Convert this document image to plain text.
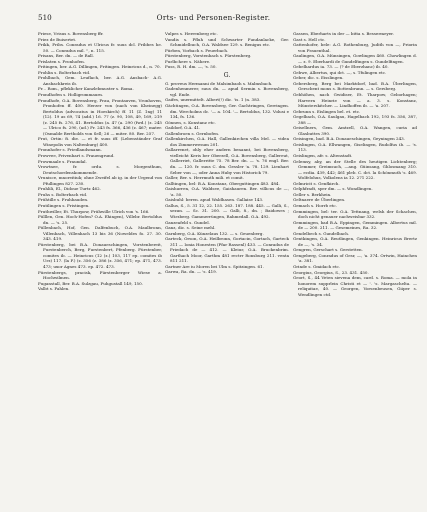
510	Orts- und Personen-Register.

Friese, Vrisus s. Bovensberg ffr.

Friez de Buisertet.

Frikk, Fribs. Conradus et Ulricus fr. suus dcl. Fribbes he. 50. — Conradus mil. '', n. 115.

Frisans, Ber. dn. — de Rall.

Frislaten s. Fronhofen.

Fritingen, ber. A.G. Dillingen, Fritingen. Heinricus d., n. 70.

Frohlin s. Bolterbach vid.

Frohlbach, Gem. Leuflach, ber. A.G. Ansbach- A.G. Ansbachkreis ib.

Fr... Rom., pfleklicher Kanzlebmuster s. Roma.

Frondhofen s. Holligrommaurn.

Frondhofe, O.A. Bovensberg, Frau, Frontauven, Vronhoven, Fronhofen ff. 400. Herzer von (nach von Kheinegg) Bertoldus (advocatus in Hoeskirch) ff. 11 (Z. 1ng) 11 (12). 19 as 69, 74 (add.) 16. 77 (z. 90, 108, 49, 169, 219 (z. 245 fs. 276, 41. Bertoldus (a. 47 (a. 290 (fwd.) (z. 245 — Ulrico fs. 290, (ad.) Fr. 243 fs. 366, 436 (z. 467; mater. (Osmalde Bertholds von Sell; 26 — miter. 80. Ber. 257.

Frut, Ortin: fi. die. — et fr. suus iff. (Lebenständer Graf Winepolis von Naltenburg) 400.

Fronnhofer s. Friedlandsmann.

Frowvee, Frivenbart s. Frauengrund.

Frowmaale s. Fraundal.

Vrowtnee, fr. ordu. s. Morgenthum, Deutschordenskommende.

Vrunisce, mnoreitiuk; ohne Zweifel ab ig. in der Urgend von Pfullingen 827. 230.

Fruhlili, El., Didoue Turtz 462.

Fruhs s. Bolterbach vid.

Frühtille s. Fruhbauden.

Frutilingen s. Fristingen.

Fruthwiller, Et. Thurpow, Frühwille Ulrich von 's. 166.

Fülllen, Gen. Hoch-Hofen? O.A. Ehingen), Villebr. Bertoldus dn. — 's. 25.

Füllenbach, Hof, Gen. Dalfenbuch, O.A. Maulbronn, Villenbach, Villenhach 13 bis 36 (Noweldes fo. 27. 30. 343. 419.

Fürstenberg, bei B.A. Donaueschingen, Vorstenbereit, Furstenberch, Berg, Furstenbert, Pfenberg. Fürstenber, comites ib. — Heinricus (12 (z.) 103, 117 ep. comites ib Urz) 117. (la F.) (z. 356 (z. 386 (z. 356, 471; ep. 471, 473. 473; uxor Agnes 473. ep. 472. 473.

Fürstenbergs, pracisk, Fürstenberger Wiese a. Hochwilmen.

Fuganstall, Ber. B.A. Sulzgau, Fuhgustall 149, 150.

Valbt s. Fahlen.

Vulpes s. Herrenberg etc.

Vundis s. Pfluh und Schwarter Fundanlacke, Ger. Schmidelbuch, O.A. Waldsee 129. s. Benigus etc.

Fürben, Vorbach s. Feuerbach.

Fürstenberg, Vorstenbach s. Fürstenberg.

Furlbchere s. Nähere.

Fuss, R. H. dm. —, 's. 50.

G.

G. proveus Hermanni de Malsimbaoh s. Malmsbach.

Gadenhenmerer, suus dn. — apud Sermin s. Bovensberg, vgl. Ende.

Gaifes, unermittelt. Albert(!) dic. 'is. 1 (n. 383.

Gächtingen, O.A. Bovensberg, Ger. Gachtringen, Gerringen. dm. Wercholms dc. '— a. 104. '— Bertoldus, 132. Volusi e 134, fs. 136.

Gönnen, s. Konstanz etc.

Gaildorf, O.A. 41.

Gallenbroen s. Gernbofen.

Gallenkirchen, O.A. Hall, Gallenkirchen villa Mel. — videa dos Zimmerwesum 201.

Gallarrenet, ohly eher andern benannt, bei Bovensberg, vielleicht Keris ber Oberzell, O.A. Bovensberg, Gallereut, Gallerriet, Gallerritte 75. 78 Ber. dn. — 's. 76 engl. Ber. dn. — 120. fr. suus C. dm. Gessler 'a. 78. 129. Lienhart Seber von —, oder Anna Huby von Historick 79.

Galler, Ber. s. Herrmuth mili. et comit.

Galltingen, bel: B.A. Konstanz, Oberguttingen 483. 484.

Gaishurren, O.A. Waldsee, Gaishauren. Ber. villicus de —, 'a. 50.

Gaisbuhl: beren. apud Waldhasen. Gallaise 143.

Gallus, S., 5. 31 12, 22. 155. 263. 187. 188. 445. — Galli, S., sezun. — Sc. 31. 200. — Galli, 8., dn. ; Baidowes ; Wirzberg. Gammerrüngen, Rahmedall. O.A. 492.

Ganzeafeld s. Gundel.

Ganz, dic. s. Seine mehl.

Garnberg, O.A. Künzelaus 132. — s. Geuenberg.

Garteck, Orson, O.A. Heilbronn, Gortacin, Gortach, Garteck 311 — Ionia Honesten (Pfar Rassenl) 433. — Conradus de Friedach de — 412. — Kleiur, O.A. Bruckenbrim. Garthach Moor, Garthm 481 rectrr Ronsburg 211. venta 811 211.

Gartner Are iu Moren bei Ulm s. Spitzingen. 61.

Garwa, Ra. dn. — 's. 419.

Gassen, Eberharts in der — bitta s. Bessermeyer.

Gast s. Hell ctc.

Gattenhofer, bele: A.G. Rothenburg, Judith von —, Priorin von Frauenthal.

Gaulingen, O.A. Münsingen, Gowlingen 460. Chowlingen d. — z. 9. Eberhardi de Gundelfingen s. Gundelfingen.

Gebelhardus ia. 73. — (? de Eberzhanc) ib. 40.

Gebwe, Albertus, qui dct. —, s. Tfulingen etc.

Geber, dic. s. Eisslingen.

Gebersberg, Berg bei Marktdorf, bad. B.A. Überlingen, Gerscbent mons s. Bottenbrunn. — s. Gersberg.

Gebhöhen, nach Gwidiser, Et. Tharpow, Geborhagen; Harvern Heinrie von — a. 3. s. Konstanz, Münsterskitcher. — Lindhoffen ib. — 'a. 207.

Gebrunn s. Eislingen bel. et. etc.

Gegelbach, O.A. Saulgau, Hagelbach 192, 193 fs. 356, 387, 388 —

Geisellners, Gem. Amtzell, O.A. Wangen, curia ad Glasbuttes 390.

Geisingen, bad. B.A. Donaueschingen, Geyningen 243.

Geislingen, O.A. Ellwangen, Giselingen, Rudolfus ib. — 's. 113.

Geislingen, afr. s. Altenstadt.

Gelemsy, aby, an der Stelle des heutigen Lichtenberg; Gemmer, Greimsuch, —ang. Güinsang, Ghlosmang 310. — ecdia. 439, 442; 461 pleb. C. dct. la Schönmuth 's. 469. Wolfelohus, Volkolens ia 12. 271 222.

Gelmricit s. Genfkirch.

Gelphfradt, sper dm. — s. Wondlingen.

Geller s. Berkhein.

Geltnaere de Überlingen.

Gemach s. Horrb etc.

Gemmingen, bel: ter. O.A. Tettnang, welsh der Schachen, doch nicht genauer nachweisbar 332.

Gemmingen, bad B.A. Eppingen, Gemmingen. Albertus mil. de — 200. 211. — Gesemeines, Ra. 32.

Gendelbech s. Gundelbach.

Gentkingen, O.A. Reutlingen, Genkingen. Heinricus Brertz de —, 's. 34.

Gengren, Gerschart s. Gerstetten.

Gengeberg, Conradus of Gesr, —, 'a. 374. Ortwin, Hainchen 'a. 381.

Grinde s. Gmidach etc.

Georgius, Georgius, S., 23. 431. 450.

Geort, S., 44 Veten sievena dem, card. s. Roma. — mola in honorem supprlein Christi et — '. 's. Margaschelta. — reliquitae, 40. — Georgen, Vorsenbeusen, Giiper s. Wendlingen ctd.
